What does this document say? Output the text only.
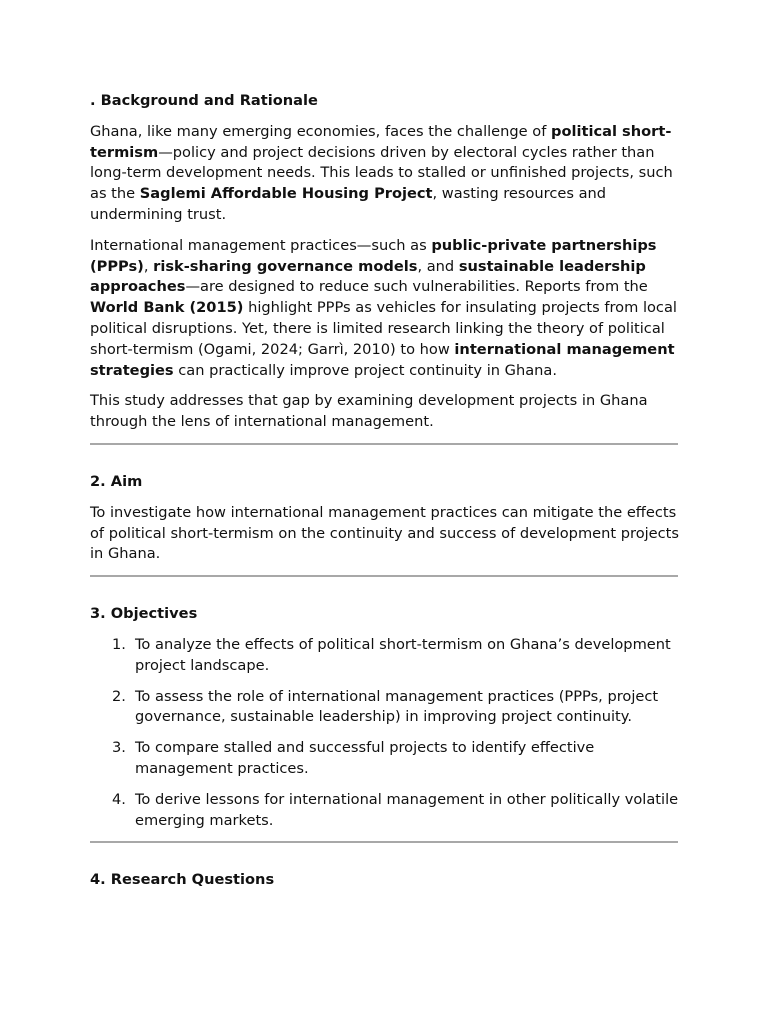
. Background and Rationale

Ghana, like many emerging economies, faces the challenge of political short-termism—policy and project decisions driven by electoral cycles rather than long-term development needs. This leads to stalled or unfinished projects, such as the Saglemi Affordable Housing Project, wasting resources and undermining trust.

International management practices—such as public-private partnerships (PPPs), risk-sharing governance models, and sustainable leadership approaches—are designed to reduce such vulnerabilities. Reports from the World Bank (2015) highlight PPPs as vehicles for insulating projects from local political disruptions. Yet, there is limited research linking the theory of political short-termism (Ogami, 2024; Garrì, 2010) to how international management strategies can practically improve project continuity in Ghana.

This study addresses that gap by examining development projects in Ghana through the lens of international management.

2. Aim

To investigate how international management practices can mitigate the effects of political short-termism on the continuity and success of development projects in Ghana.

3. Objectives
1. To analyze the effects of political short-termism on Ghana’s development project landscape.
2. To assess the role of international management practices (PPPs, project governance, sustainable leadership) in improving project continuity.
3. To compare stalled and successful projects to identify effective management practices.
4. To derive lessons for international management in other politically volatile emerging markets.
4. Research Questions
